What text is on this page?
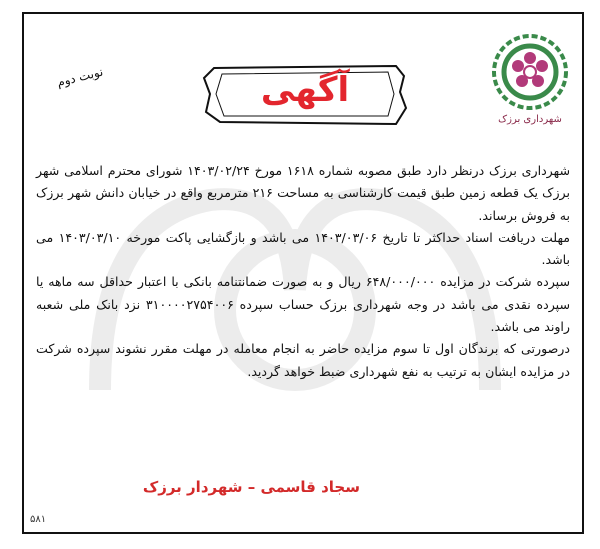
شهرداری برزک
آگهی
نوبت دوم

شهرداری برزک درنظر دارد طبق مصوبه شماره ۱۶۱۸ مورخ ۱۴۰۳/۰۲/۲۴ شورای محترم اسلامی شهر برزک یک قطعه زمین طبق قیمت کارشناسی به مساحت ۲۱۶ مترمربع واقع در خیابان دانش شهر برزک به فروش برساند.

مهلت دریافت اسناد حداکثر تا تاریخ ۱۴۰۳/۰۳/۰۶ می باشد و بازگشایی پاکت مورخه ۱۴۰۳/۰۳/۱۰ می باشد.

سپرده شرکت در مزایده ۶۴۸/۰۰۰/۰۰۰ ریال و به صورت ضمانتنامه بانکی با اعتبار حداقل سه ماهه یا سپرده نقدی می باشد در وجه شهرداری برزک حساب سپرده ۳۱۰۰۰۰۲۷۵۴۰۰۶ نزد بانک ملی شعبه راوند می باشد.

درصورتی که برندگان اول تا سوم مزایده حاضر به انجام معامله در مهلت مقرر نشوند سپرده شرکت در مزایده ایشان به ترتیب به نفع شهرداری ضبط خواهد گردید.

سجاد قاسمی – شهردار برزک
۵۸۱
